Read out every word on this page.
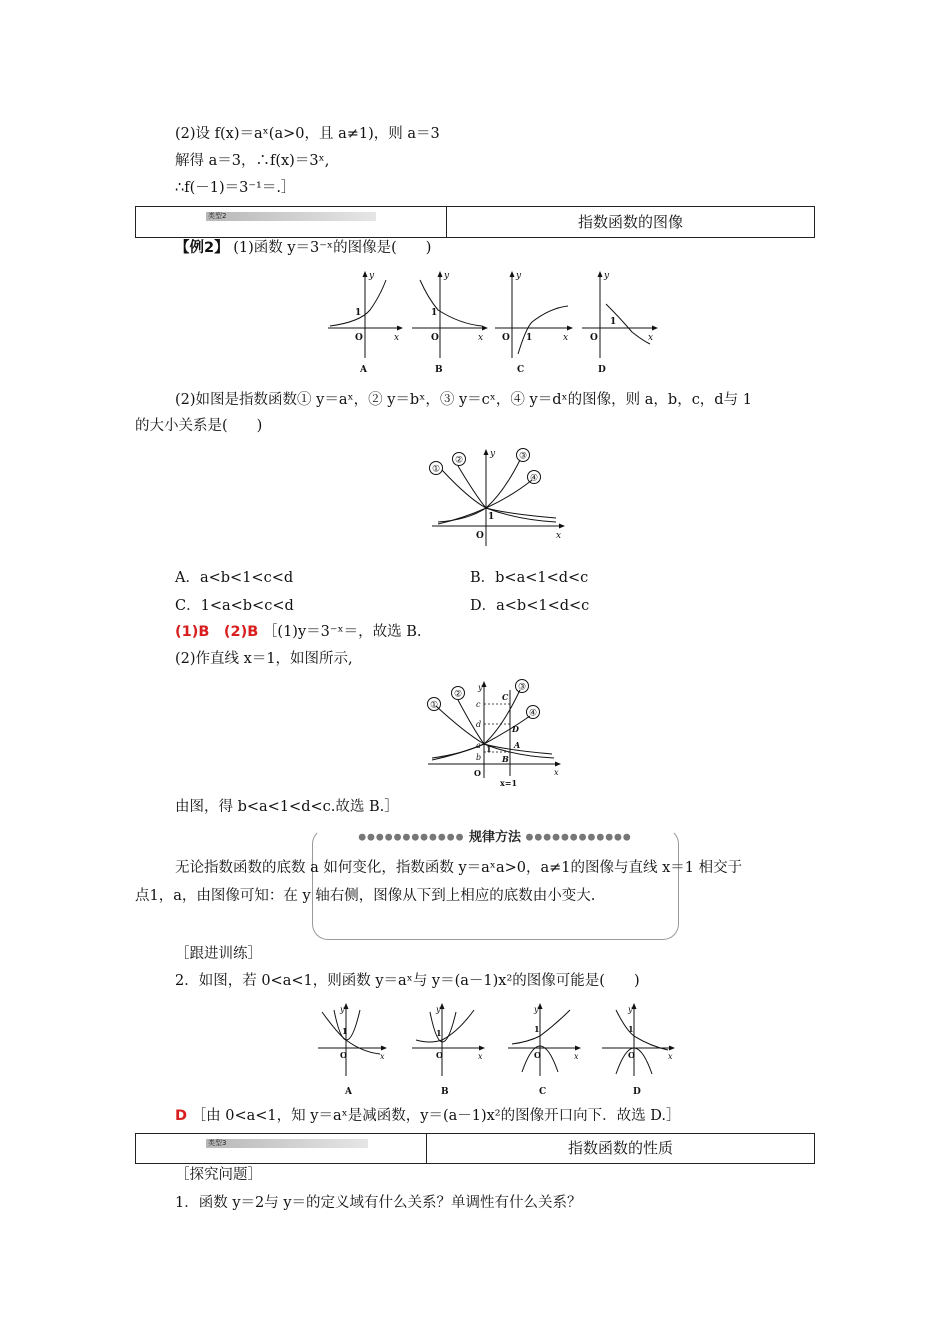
(2)设 f(x)＝aˣ(a>0，且 a≠1)，则 a＝3
解得 a＝3，∴f(x)＝3ˣ,
∴f(－1)＝3⁻¹＝.］
类型2	指数函数的图像
【例2】 (1)函数 y＝3⁻ˣ的图像是(　　)
y
x
y
x
y
x
y
x
O
1
O
1
O 1	O
1
A	B	C	D
(2)如图是指数函数① y＝aˣ，② y＝bˣ，③ y＝cˣ，④ y＝dˣ的图像，则 a，b，c，d与 1
的大小关系是(　　)
①
②	③
④
y
x
O
1
A．a<b<1<c<d	B．b<a<1<d<c
C．1<a<b<c<d	D．a<b<1<d<c
(1)B　(2)B ［(1)y＝3⁻ˣ＝，故选 B.
(2)作直线 x＝1，如图所示,
①
②
③
④
y
x
c
d
a
b
C
D
A
B
O
1
x=1
由图，得 b<a<1<d<c.故选 B.］
●●●●●●●●●●●● 规律方法 ●●●●●●●●●●●●
无论指数函数的底数 a 如何变化，指数函数 y＝aˣa>0，a≠1的图像与直线 x＝1 相交于
点1，a，由图像可知：在 y 轴右侧，图像从下到上相应的底数由小变大.
［跟进训练］
2．如图，若 0<a<1，则函数 y＝aˣ与 y＝(a－1)x²的图像可能是(　　)
y
x
y
x
y
x
y
x
O
1
O
1
O
1
O
1
A	B	C	D
D ［由 0<a<1，知 y＝aˣ是减函数，y＝(a－1)x²的图像开口向下．故选 D.］
类型3	指数函数的性质
［探究问题］
1．函数 y＝2与 y＝的定义域有什么关系？单调性有什么关系？
